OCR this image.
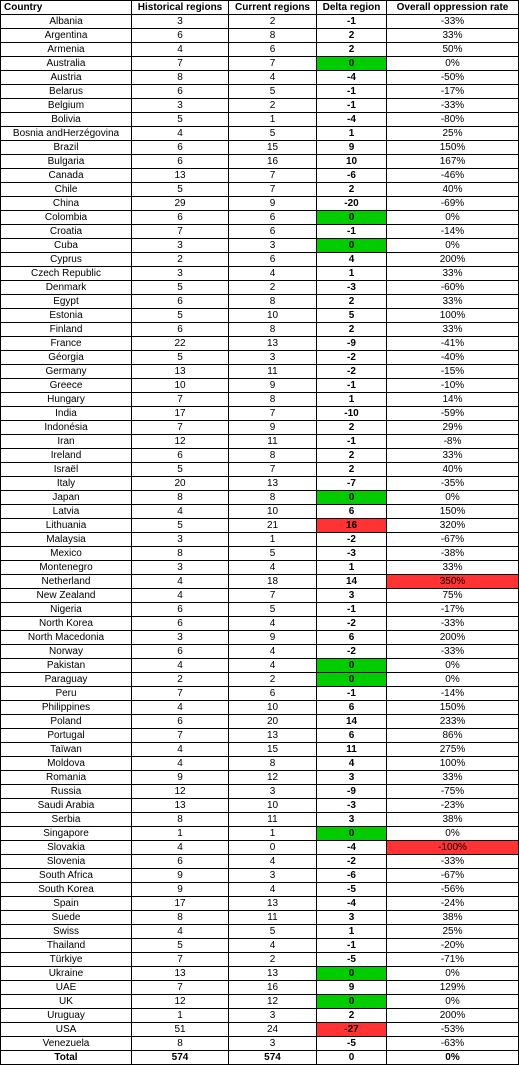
Country	Historical regions	Current regions	Delta region	Overall oppression rate
Albania	3	2	-1	-33%
Argentina	6	8	2	33%
Armenia	4	6	2	50%
Australia	7	7	0	0%
Austria	8	4	-4	-50%
Belarus	6	5	-1	-17%
Belgium	3	2	-1	-33%
Bolivia	5	1	-4	-80%
Bosnia andHerzégovina	4	5	1	25%
Brazil	6	15	9	150%
Bulgaria	6	16	10	167%
Canada	13	7	-6	-46%
Chile	5	7	2	40%
China	29	9	-20	-69%
Colombia	6	6	0	0%
Croatia	7	6	-1	-14%
Cuba	3	3	0	0%
Cyprus	2	6	4	200%
Czech Republic	3	4	1	33%
Denmark	5	2	-3	-60%
Egypt	6	8	2	33%
Estonia	5	10	5	100%
Finland	6	8	2	33%
France	22	13	-9	-41%
Géorgia	5	3	-2	-40%
Germany	13	11	-2	-15%
Greece	10	9	-1	-10%
Hungary	7	8	1	14%
India	17	7	-10	-59%
Indonésia	7	9	2	29%
Iran	12	11	-1	-8%
Ireland	6	8	2	33%
Israël	5	7	2	40%
Italy	20	13	-7	-35%
Japan	8	8	0	0%
Latvia	4	10	6	150%
Lithuania	5	21	16	320%
Malaysia	3	1	-2	-67%
Mexico	8	5	-3	-38%
Montenegro	3	4	1	33%
Netherland	4	18	14	350%
New Zealand	4	7	3	75%
Nigeria	6	5	-1	-17%
North Korea	6	4	-2	-33%
North Macedonia	3	9	6	200%
Norway	6	4	-2	-33%
Pakistan	4	4	0	0%
Paraguay	2	2	0	0%
Peru	7	6	-1	-14%
Philippines	4	10	6	150%
Poland	6	20	14	233%
Portugal	7	13	6	86%
Taïwan	4	15	11	275%
Moldova	4	8	4	100%
Romania	9	12	3	33%
Russia	12	3	-9	-75%
Saudi Arabia	13	10	-3	-23%
Serbia	8	11	3	38%
Singapore	1	1	0	0%
Slovakia	4	0	-4	-100%
Slovenia	6	4	-2	-33%
South Africa	9	3	-6	-67%
South Korea	9	4	-5	-56%
Spain	17	13	-4	-24%
Suede	8	11	3	38%
Swiss	4	5	1	25%
Thailand	5	4	-1	-20%
Türkiye	7	2	-5	-71%
Ukraine	13	13	0	0%
UAE	7	16	9	129%
UK	12	12	0	0%
Uruguay	1	3	2	200%
USA	51	24	-27	-53%
Venezuela	8	3	-5	-63%
Total	574	574	0	0%
